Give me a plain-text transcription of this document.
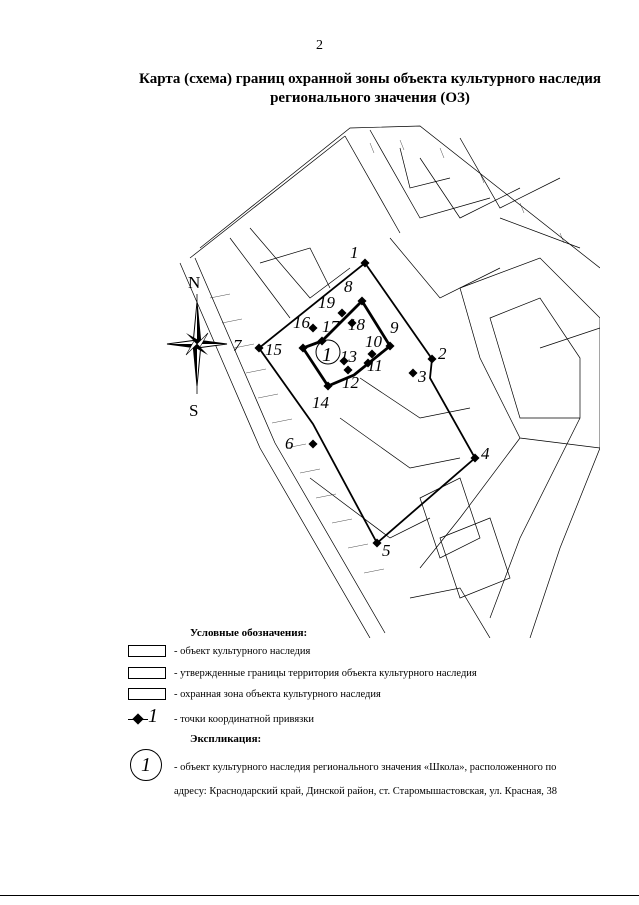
2
Карта (схема) границ охранной зоны объекта культурного наследия
регионального значения (ОЗ)
1
N
S
1
2
3
4
5
6
7
8
9
10
11
12
13
14
15
16 17 18
19
Условные обозначения:
- объект культурного наследия
- утвержденные границы территория объекта культурного наследия
- охранная зона объекта культурного наследия
1 - точки координатной привязки
Экспликация:
1	- объект культурного наследия регионального значения «Школа», расположенного по
адресу: Краснодарский край, Динской район, ст. Старомышастовская, ул. Красная, 38
